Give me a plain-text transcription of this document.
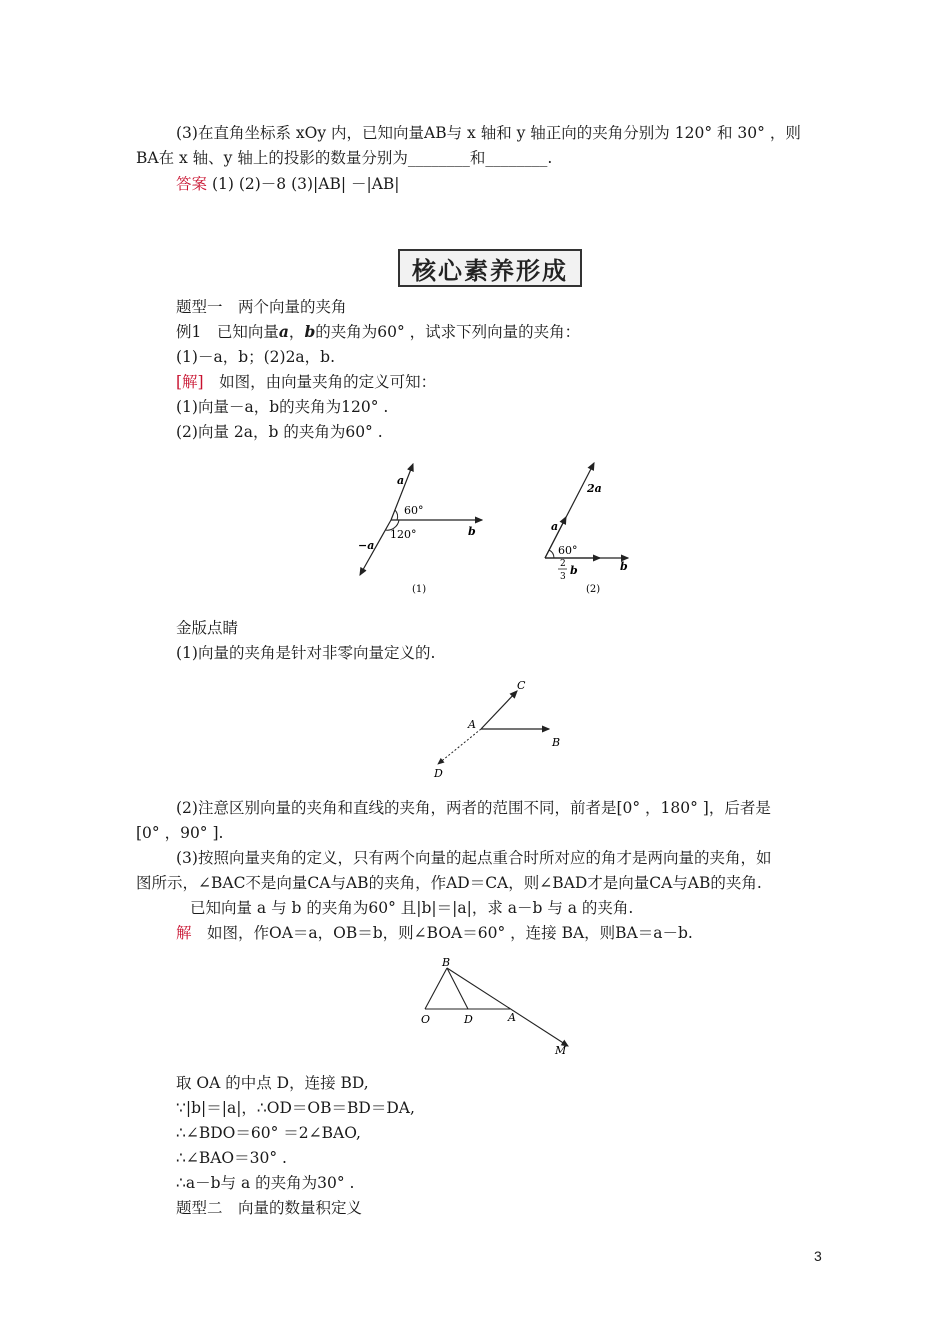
(3)在直角坐标系 xOy 内，已知向量AB与 x 轴和 y 轴正向的夹角分别为 120° 和 30° ，则
BA在 x 轴、y 轴上的投影的数量分别为________和________.
答案 (1) (2)－8 (3)|AB| －|AB|
核心素养形成
题型一　两个向量的夹角
例1　已知向量a，b的夹角为60° ，试求下列向量的夹角：
(1)－a，b；(2)2a，b.
[解]　如图，由向量夹角的定义可知：
(1)向量－a，b的夹角为120° .
(2)向量 2a，b 的夹角为60° .
a
60°
120°
−a
b
(1)
2a
a
60°
2
3 b	b
(2)
金版点睛
(1)向量的夹角是针对非零向量定义的.
C
A
B
D
(2)注意区别向量的夹角和直线的夹角，两者的范围不同，前者是[0° ，180° ]，后者是
[0° ，90° ].
(3)按照向量夹角的定义，只有两个向量的起点重合时所对应的角才是两向量的夹角，如
图所示，∠BAC不是向量CA与AB的夹角，作AD＝CA，则∠BAD才是向量CA与AB的夹角.
已知向量 a 与 b 的夹角为60° 且|b|＝|a|，求 a－b 与 a 的夹角.
解　如图，作OA＝a，OB＝b，则∠BOA＝60° ，连接 BA，则BA＝a－b.
B
O	D	A
M
取 OA 的中点 D，连接 BD,
∵|b|＝|a|，∴OD＝OB＝BD＝DA,
∴∠BDO＝60° ＝2∠BAO,
∴∠BAO＝30° .
∴a－b与 a 的夹角为30° .
题型二　向量的数量积定义
3
